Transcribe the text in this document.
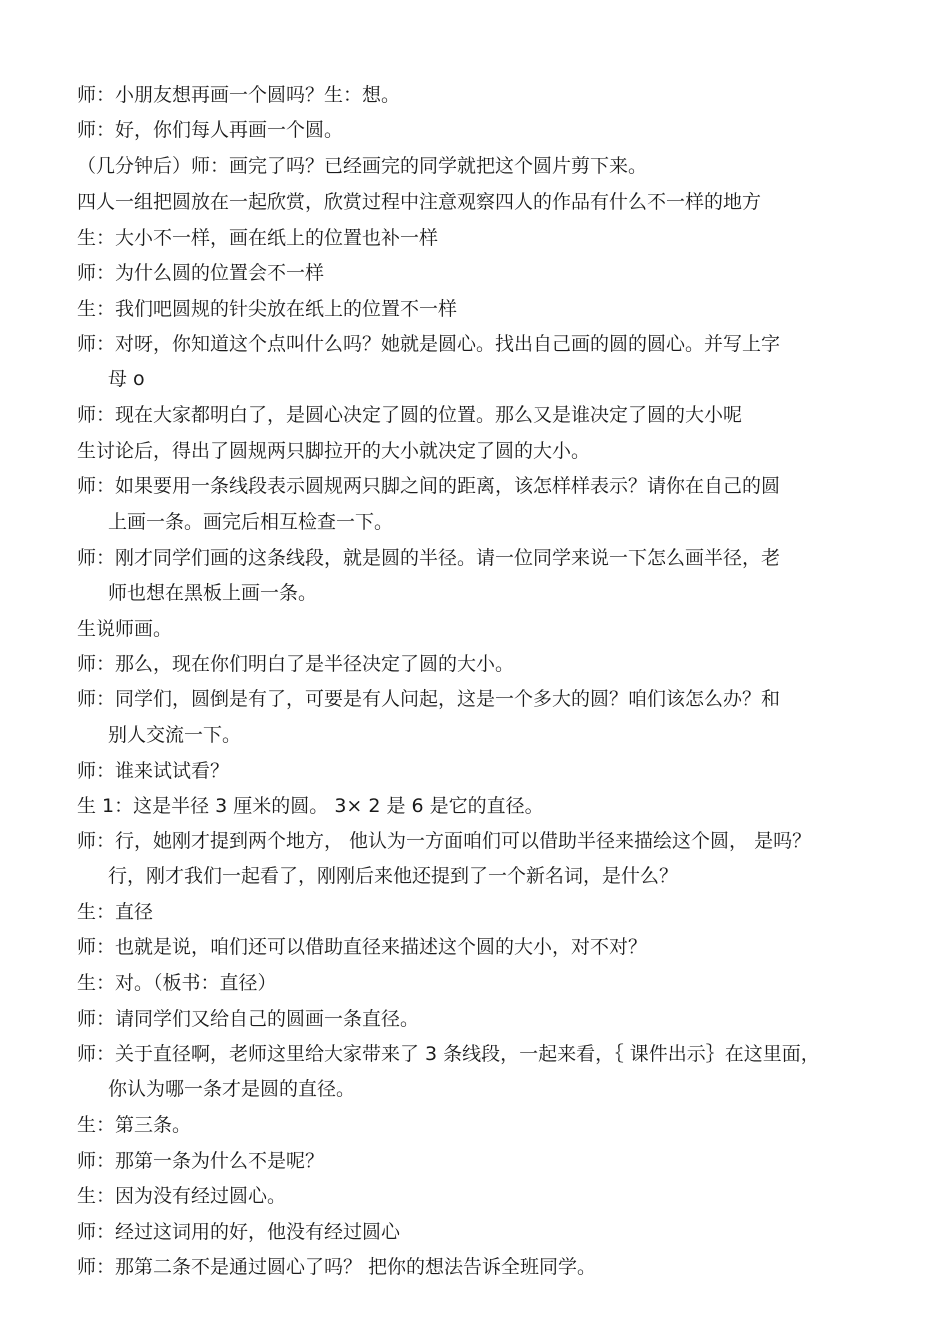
师：小朋友想再画一个圆吗？生：想。
师：好，你们每人再画一个圆。
（几分钟后）师：画完了吗？已经画完的同学就把这个圆片剪下来。
四人一组把圆放在一起欣赏，欣赏过程中注意观察四人的作品有什么不一样的地方
生：大小不一样，画在纸上的位置也补一样
师：为什么圆的位置会不一样
生：我们吧圆规的针尖放在纸上的位置不一样
师：对呀，你知道这个点叫什么吗？她就是圆心。找出自己画的圆的圆心。并写上字
母 o
师：现在大家都明白了，是圆心决定了圆的位置。那么又是谁决定了圆的大小呢
生讨论后，得出了圆规两只脚拉开的大小就决定了圆的大小。
师：如果要用一条线段表示圆规两只脚之间的距离，该怎样样表示？请你在自己的圆
上画一条。画完后相互检查一下。
师：刚才同学们画的这条线段，就是圆的半径。请一位同学来说一下怎么画半径，老
师也想在黑板上画一条。
生说师画。
师：那么，现在你们明白了是半径决定了圆的大小。
师：同学们，圆倒是有了，可要是有人问起，这是一个多大的圆？咱们该怎么办？和
别人交流一下。
师：谁来试试看？
生 1：这是半径 3 厘米的圆。 3× 2 是 6 是它的直径。
师：行，她刚才提到两个地方， 他认为一方面咱们可以借助半径来描绘这个圆， 是吗？
行，刚才我们一起看了，刚刚后来他还提到了一个新名词，是什么？
生：直径
师：也就是说，咱们还可以借助直径来描述这个圆的大小，对不对？
生：对。（板书：直径）
师：请同学们又给自己的圆画一条直径。
师：关于直径啊，老师这里给大家带来了 3 条线段，一起来看，｛ 课件出示｝在这里面，
你认为哪一条才是圆的直径。
生：第三条。
师：那第一条为什么不是呢？
生：因为没有经过圆心。
师：经过这词用的好，他没有经过圆心
师：那第二条不是通过圆心了吗？ 把你的想法告诉全班同学。
